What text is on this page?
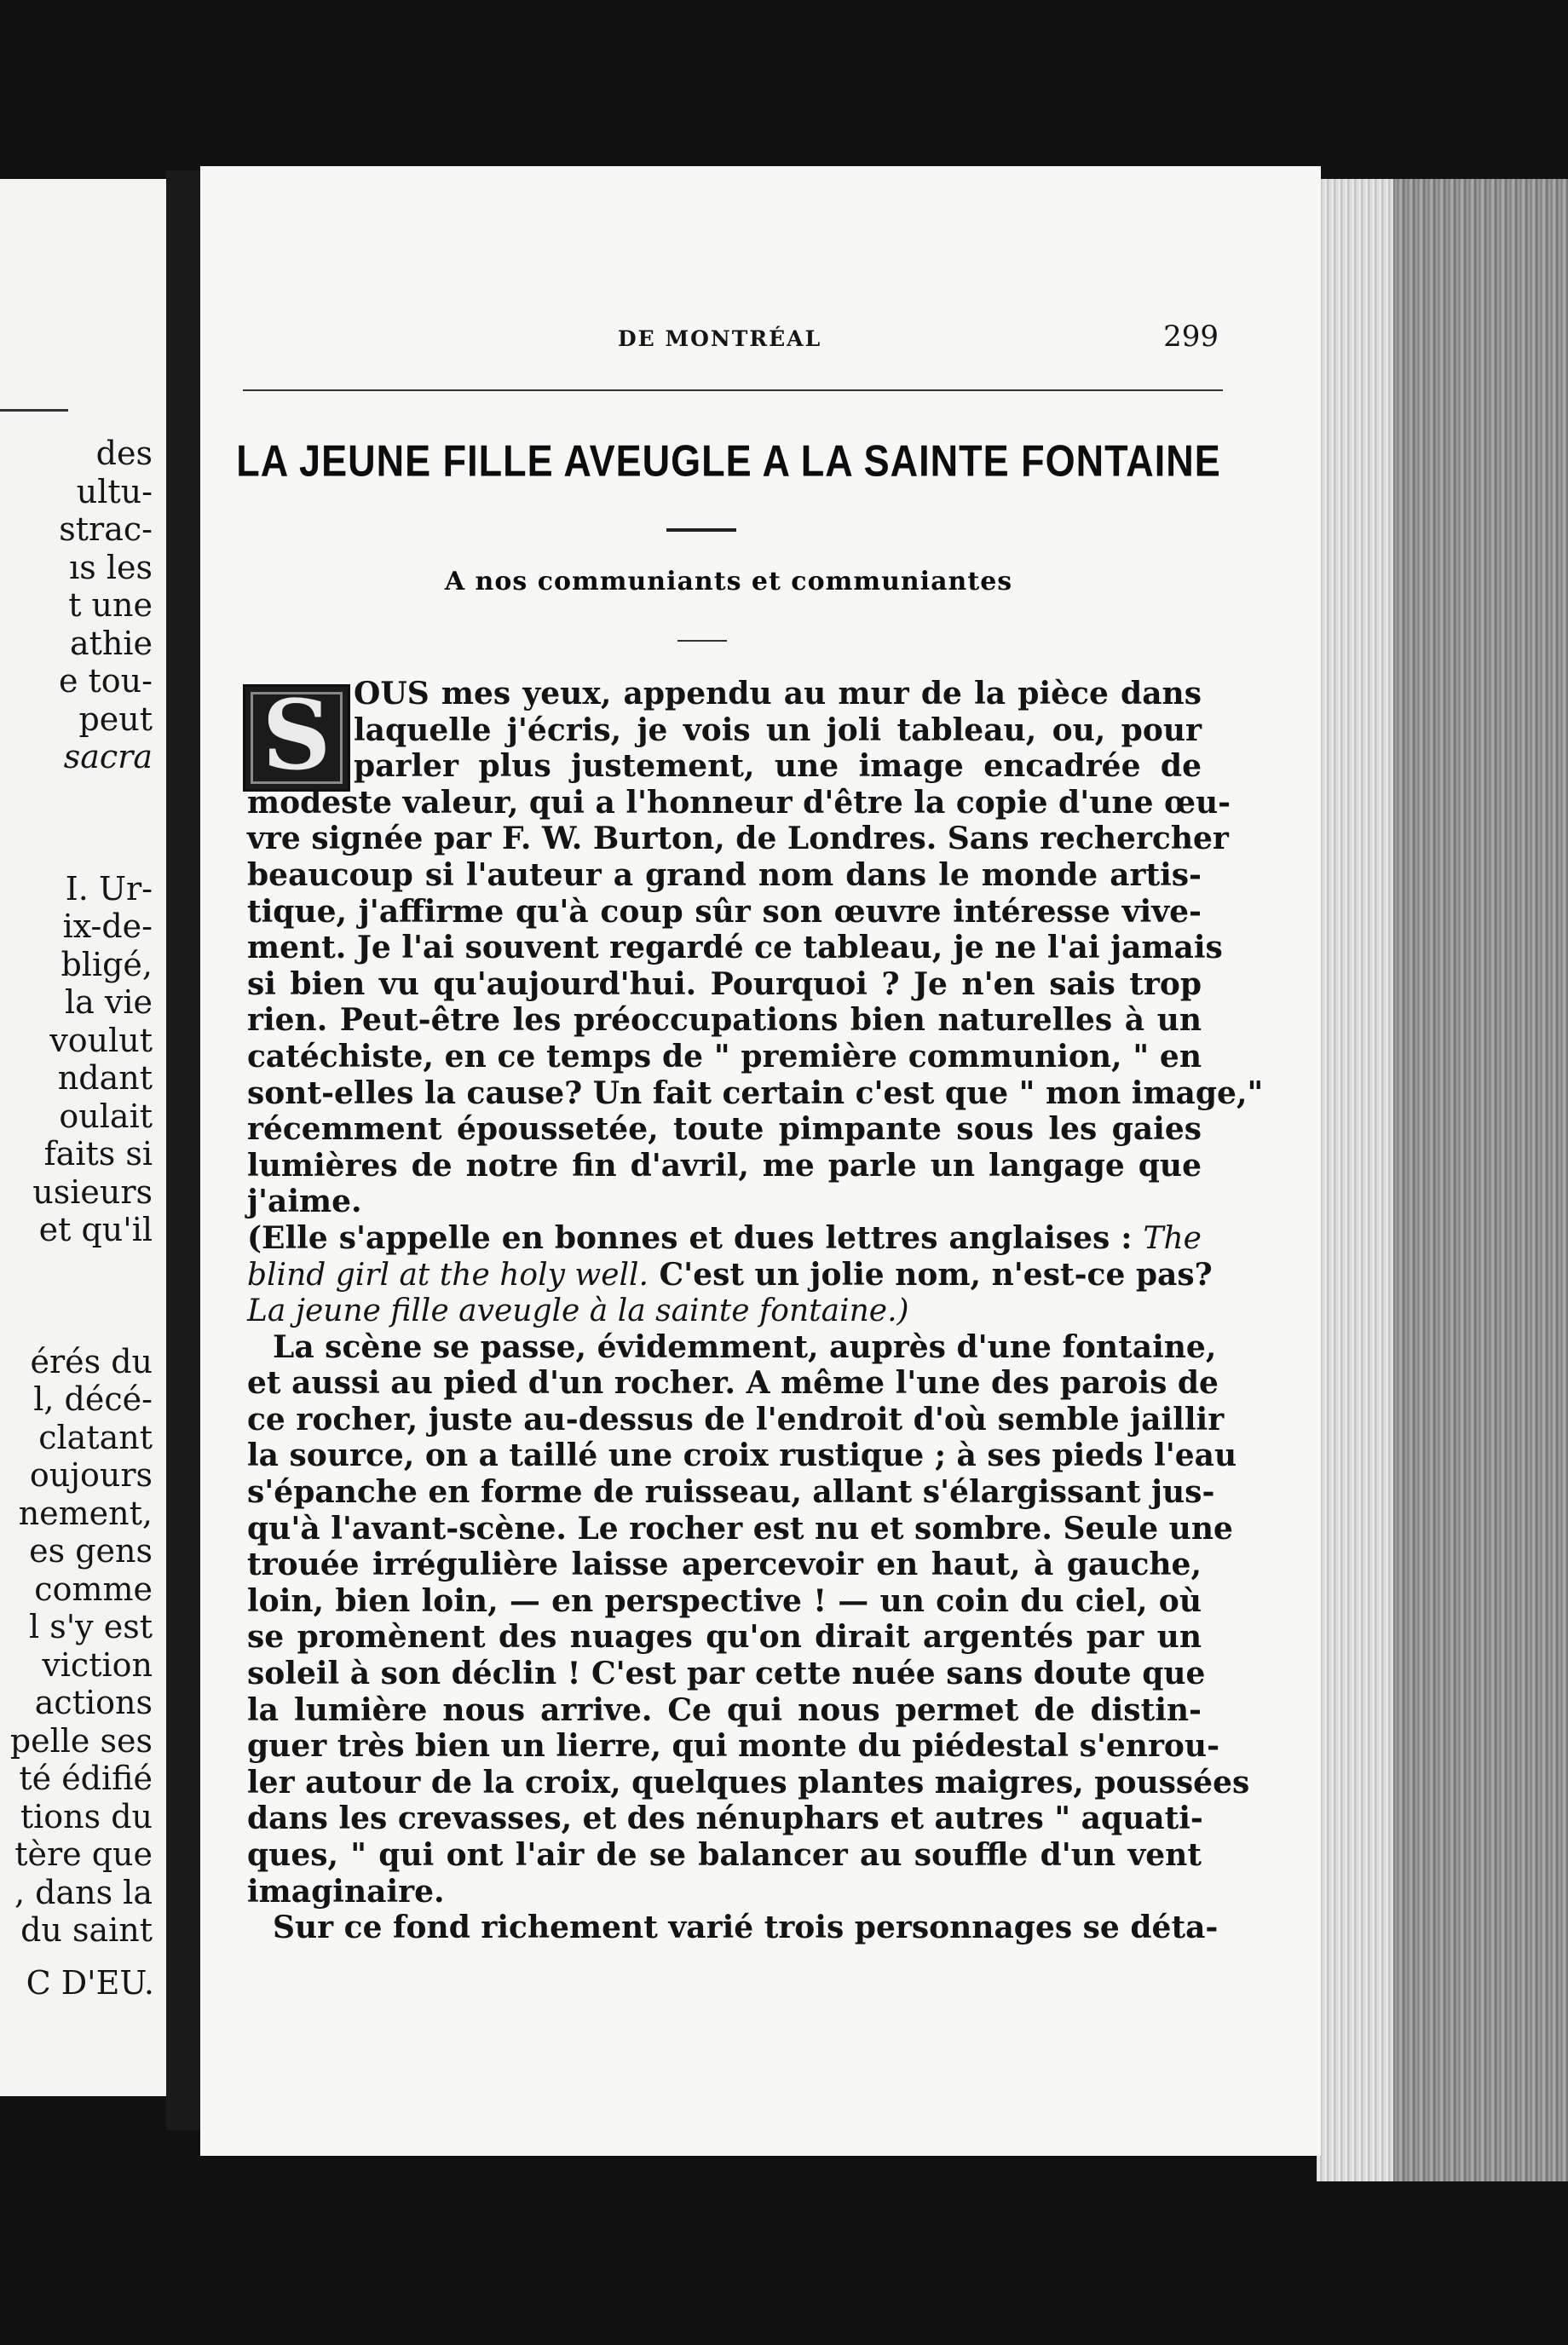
des
ultu-
strac-
ıs les
t une
athie
e tou-
peut
sacra
I. Ur-
ix-de-
bligé,
la vie
voulut
ndant
oulait
faits si
usieurs
et qu'il
érés du
l, décé-
clatant
oujours
nement,
es gens
comme
l s'y est
viction
actions
pelle ses
té édifié
tions du
tère que
, dans la
du saint
C D'EU.
DE MONTRÉAL	299
LA JEUNE FILLE AVEUGLE A LA SAINTE FONTAINE
A nos communiants et communiantes
S OUS mes yeux, appendu au mur de la pièce dans
laquelle j'écris, je vois un joli tableau, ou, pour
parler plus justement, une image encadrée de
modeste valeur, qui a l'honneur d'être la copie d'une œu-
vre signée par F. W. Burton, de Londres. Sans rechercher
beaucoup si l'auteur a grand nom dans le monde artis-
tique, j'affirme qu'à coup sûr son œuvre intéresse vive-
ment. Je l'ai souvent regardé ce tableau, je ne l'ai jamais
si bien vu qu'aujourd'hui. Pourquoi ? Je n'en sais trop
rien. Peut-être les préoccupations bien naturelles à un
catéchiste, en ce temps de " première communion, " en
sont-elles la cause? Un fait certain c'est que " mon image,"
récemment époussetée, toute pimpante sous les gaies
lumières de notre fin d'avril, me parle un langage que
j'aime.
(Elle s'appelle en bonnes et dues lettres anglaises : The
blind girl at the holy well. C'est un jolie nom, n'est-ce pas?
La jeune fille aveugle à la sainte fontaine.)
La scène se passe, évidemment, auprès d'une fontaine,
et aussi au pied d'un rocher. A même l'une des parois de
ce rocher, juste au-dessus de l'endroit d'où semble jaillir
la source, on a taillé une croix rustique ; à ses pieds l'eau
s'épanche en forme de ruisseau, allant s'élargissant jus-
qu'à l'avant-scène. Le rocher est nu et sombre. Seule une
trouée irrégulière laisse apercevoir en haut, à gauche,
loin, bien loin, — en perspective ! — un coin du ciel, où
se promènent des nuages qu'on dirait argentés par un
soleil à son déclin ! C'est par cette nuée sans doute que
la lumière nous arrive. Ce qui nous permet de distin-
guer très bien un lierre, qui monte du piédestal s'enrou-
ler autour de la croix, quelques plantes maigres, poussées
dans les crevasses, et des nénuphars et autres " aquati-
ques, " qui ont l'air de se balancer au souffle d'un vent
imaginaire.
Sur ce fond richement varié trois personnages se déta-
